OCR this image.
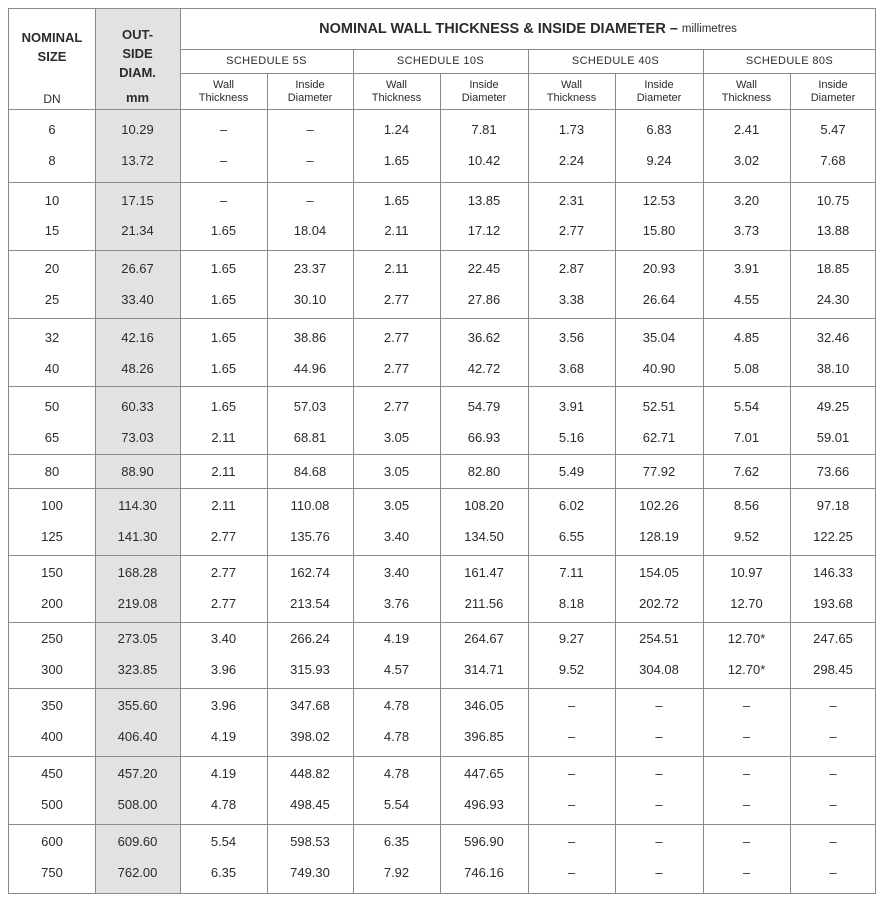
NOMINAL SIZE
DN
OUT-SIDE DIAM.
mm
NOMINAL WALL THICKNESS & INSIDE DIAMETER –
millimetres
SCHEDULE 5S	SCHEDULE 10S	SCHEDULE 40S	SCHEDULE 80S
Wall Thickness
Inside Diameter
Wall Thickness
Inside Diameter
Wall Thickness
Inside Diameter
Wall Thickness
Inside Diameter
6	10.29	–	–	1.24	7.81	1.73	6.83	2.41	5.47
8	13.72	–	–	1.65	10.42	2.24	9.24	3.02	7.68
10	17.15	–	–	1.65	13.85	2.31	12.53	3.20	10.75
15	21.34	1.65	18.04	2.11	17.12	2.77	15.80	3.73	13.88
20	26.67	1.65	23.37	2.11	22.45	2.87	20.93	3.91	18.85
25	33.40	1.65	30.10	2.77	27.86	3.38	26.64	4.55	24.30
32	42.16	1.65	38.86	2.77	36.62	3.56	35.04	4.85	32.46
40	48.26	1.65	44.96	2.77	42.72	3.68	40.90	5.08	38.10
50	60.33	1.65	57.03	2.77	54.79	3.91	52.51	5.54	49.25
65	73.03	2.11	68.81	3.05	66.93	5.16	62.71	7.01	59.01
80	88.90	2.11	84.68	3.05	82.80	5.49	77.92	7.62	73.66
100	114.30	2.11	110.08	3.05	108.20	6.02	102.26	8.56	97.18
125	141.30	2.77	135.76	3.40	134.50	6.55	128.19	9.52	122.25
150	168.28	2.77	162.74	3.40	161.47	7.11	154.05	10.97	146.33
200	219.08	2.77	213.54	3.76	211.56	8.18	202.72	12.70	193.68
250	273.05	3.40	266.24	4.19	264.67	9.27	254.51	12.70*	247.65
300	323.85	3.96	315.93	4.57	314.71	9.52	304.08	12.70*	298.45
350	355.60	3.96	347.68	4.78	346.05	–	–	–	–
400	406.40	4.19	398.02	4.78	396.85	–	–	–	–
450	457.20	4.19	448.82	4.78	447.65	–	–	–	–
500	508.00	4.78	498.45	5.54	496.93	–	–	–	–
600	609.60	5.54	598.53	6.35	596.90	–	–	–	–
750	762.00	6.35	749.30	7.92	746.16	–	–	–	–
